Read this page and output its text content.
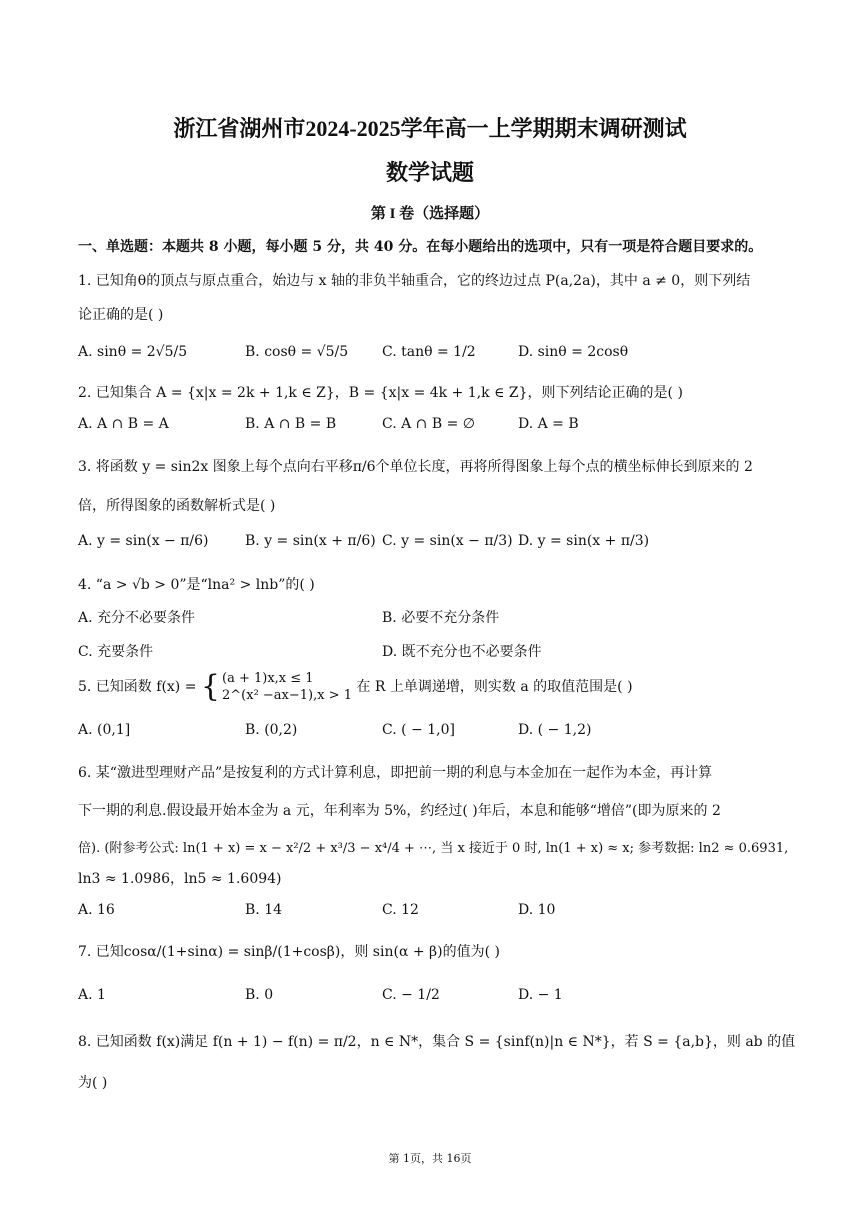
浙江省湖州市2024-2025学年高一上学期期末调研测试
数学试题
第 I 卷（选择题）
一、单选题：本题共 8 小题，每小题 5 分，共 40 分。在每小题给出的选项中，只有一项是符合题目要求的。
1. 已知角θ的顶点与原点重合，始边与 x 轴的非负半轴重合，它的终边过点 P(a,2a)，其中 a ≠ 0，则下列结
论正确的是( )
A. sinθ = 2√5/5	B. cosθ = √5/5 C. tanθ = 1/2	D. sinθ = 2cosθ
2. 已知集合 A = {x|x = 2k + 1,k ∈ Z}，B = {x|x = 4k + 1,k ∈ Z}，则下列结论正确的是( )
A. A ∩ B = A	B. A ∩ B = B	C. A ∩ B = ∅	D. A = B
3. 将函数 y = sin2x 图象上每个点向右平移π/6个单位长度，再将所得图象上每个点的横坐标伸长到原来的 2
倍，所得图象的函数解析式是( )
A. y = sin(x − π/6)	B. y = sin(x + π/6) C. y = sin(x − π/3) D. y = sin(x + π/3)
4. “a > √b > 0”是“lna² > lnb”的( )
A. 充分不必要条件	B. 必要不充分条件
C. 充要条件	D. 既不充分也不必要条件
5. 已知函数 f(x) = { (a + 1)x,x ≤ 1
2^(x² −ax−1),x > 1
在 R 上单调递增，则实数 a 的取值范围是( )
A. (0,1]	B. (0,2)	C. ( − 1,0]	D. ( − 1,2)
6. 某“激进型理财产品”是按复利的方式计算利息，即把前一期的利息与本金加在一起作为本金，再计算
下一期的利息.假设最开始本金为 a 元，年利率为 5%，约经过( )年后，本息和能够“增倍”(即为原来的 2
倍). (附参考公式: ln(1 + x) = x − x²/2 + x³/3 − x⁴/4 + ⋯, 当 x 接近于 0 时, ln(1 + x) ≈ x; 参考数据: ln2 ≈ 0.6931,
ln3 ≈ 1.0986，ln5 ≈ 1.6094)
A. 16	B. 14	C. 12	D. 10
7. 已知cosα/(1+sinα) = sinβ/(1+cosβ)，则 sin(α + β)的值为( )
A. 1	B. 0	C. − 1/2	D. − 1
8. 已知函数 f(x)满足 f(n + 1) − f(n) = π/2，n ∈ N*，集合 S = {sinf(n)|n ∈ N*}，若 S = {a,b}，则 ab 的值
为( )
第 1页，共 16页
